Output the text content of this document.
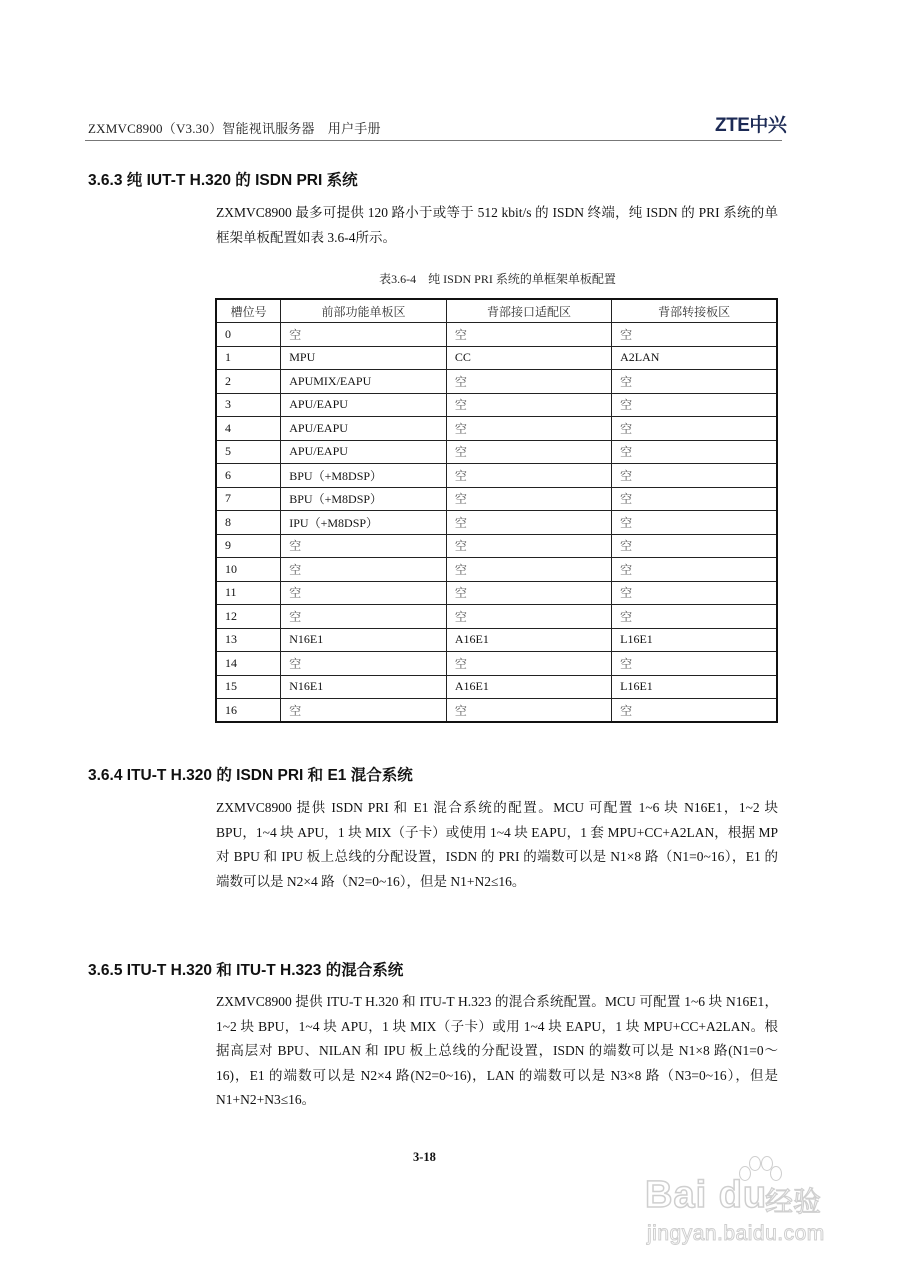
ZXMVC8900（V3.30）智能视讯服务器　用户手册	ZTE中兴
3.6.3 纯 IUT-T H.320 的 ISDN PRI 系统

ZXMVC8900 最多可提供 120 路小于或等于 512 kbit/s 的 ISDN 终端，纯 ISDN 的 PRI 系统的单框架单板配置如表 3.6-4所示。

表3.6-4　纯 ISDN PRI 系统的单框架单板配置
槽位号	前部功能单板区	背部接口适配区	背部转接板区
0	空	空	空
1	MPU	CC	A2LAN
2	APUMIX/EAPU	空	空
3	APU/EAPU	空	空
4	APU/EAPU	空	空
5	APU/EAPU	空	空
6	BPU（+M8DSP）	空	空
7	BPU（+M8DSP）	空	空
8	IPU（+M8DSP）	空	空
9	空	空	空
10	空	空	空
11	空	空	空
12	空	空	空
13	N16E1	A16E1	L16E1
14	空	空	空
15	N16E1	A16E1	L16E1
16	空	空	空
3.6.4 ITU-T H.320 的 ISDN PRI 和 E1 混合系统

ZXMVC8900 提供 ISDN PRI 和 E1 混合系统的配置。MCU 可配置 1~6 块 N16E1，1~2 块 BPU，1~4 块 APU，1 块 MIX（子卡）或使用 1~4 块 EAPU，1 套 MPU+CC+A2LAN，根据 MP 对 BPU 和 IPU 板上总线的分配设置，ISDN 的 PRI 的端数可以是 N1×8 路（N1=0~16），E1 的端数可以是 N2×4 路（N2=0~16），但是 N1+N2≤16。

3.6.5 ITU-T H.320 和 ITU-T H.323 的混合系统

ZXMVC8900 提供 ITU-T H.320 和 ITU-T H.323 的混合系统配置。MCU 可配置 1~6 块 N16E1，1~2 块 BPU，1~4 块 APU，1 块 MIX（子卡）或用 1~4 块 EAPU，1 块 MPU+CC+A2LAN。根据高层对 BPU、NILAN 和 IPU 板上总线的分配设置，ISDN 的端数可以是 N1×8 路(N1=0～16)，E1 的端数可以是 N2×4 路(N2=0~16)，LAN 的端数可以是 N3×8 路（N3=0~16），但是 N1+N2+N3≤16。

3-18
Bai du
经验
jingyan.baidu.com
